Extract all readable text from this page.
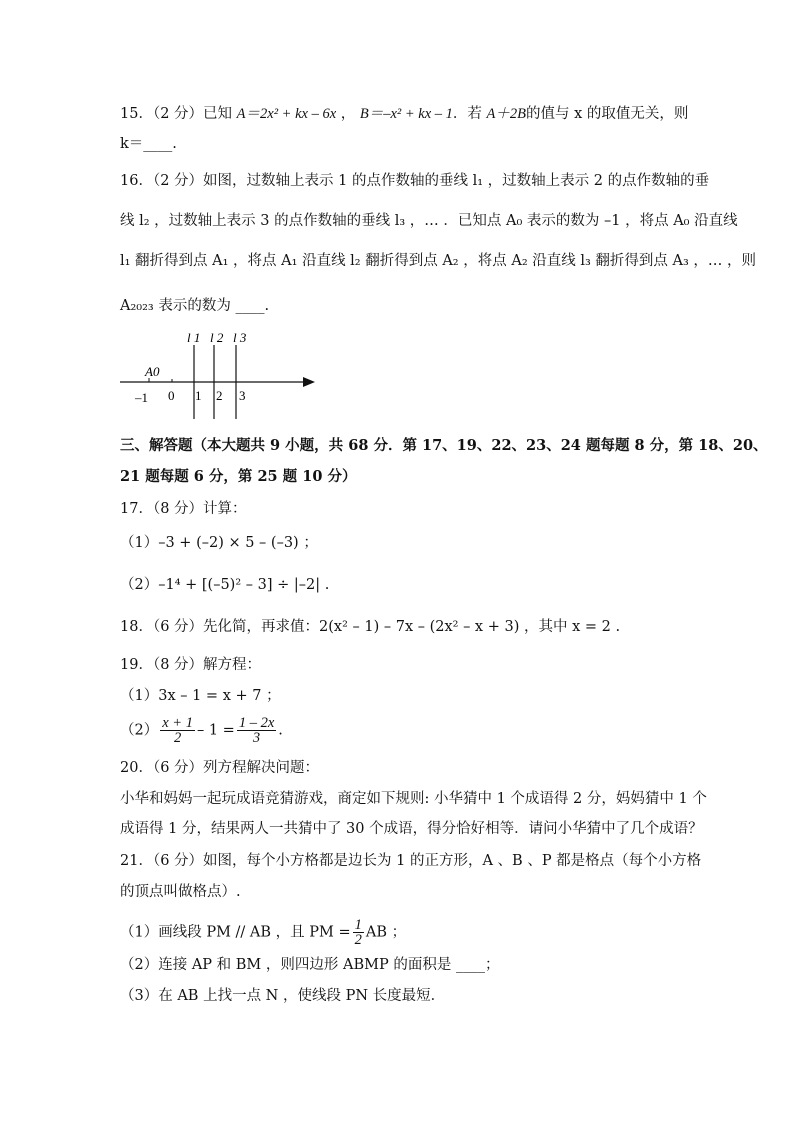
15．（2 分）已知 A＝2x² + kx – 6x ， B＝–x² + kx – 1．若 A＋2B的值与 x 的取值无关，则
k＝____.
16．（2 分）如图，过数轴上表示 1 的点作数轴的垂线 l₁ ，过数轴上表示 2 的点作数轴的垂
线 l₂ ，过数轴上表示 3 的点作数轴的垂线 l₃ ，… ．已知点 A₀ 表示的数为 –1 ，将点 A₀ 沿直线
l₁ 翻折得到点 A₁ ，将点 A₁ 沿直线 l₂ 翻折得到点 A₂ ，将点 A₂ 沿直线 l₃ 翻折得到点 A₃ ，… ，则
A₂₀₂₃ 表示的数为 ____.
l 1 l 2 l 3
A0
–1 0 1 2 3
三、解答题（本大题共 9 小题，共 68 分．第 17、19、22、23、24 题每题 8 分，第 18、20、
21 题每题 6 分，第 25 题 10 分）
17．（8 分）计算：
（1）–3 + (–2) × 5 – (–3) ；
（2）–1⁴ + [(–5)² – 3] ÷ |–2| .
18．（6 分）先化简，再求值：2(x² – 1) – 7x – (2x² – x + 3) ，其中 x = 2 .
19．（8 分）解方程：
（1）3x – 1 = x + 7 ；
$(2) \frac{x + 1}{2} - 1 = \frac{1 - 2x}{3}$ .
20．（6 分）列方程解决问题：
小华和妈妈一起玩成语竞猜游戏，商定如下规则: 小华猜中 1 个成语得 2 分，妈妈猜中 1 个
成语得 1 分，结果两人一共猜中了 30 个成语，得分恰好相等．请问小华猜中了几个成语？
21．（6 分）如图，每个小方格都是边长为 1 的正方形，A 、B 、P 都是格点（每个小方格
的顶点叫做格点）.
（1）画线段 PM // AB ，且 PM = $\frac{1}{2}$ AB ；
（2）连接 AP 和 BM ，则四边形 ABMP 的面积是 ____；
（3）在 AB 上找一点 N ，使线段 PN 长度最短．
